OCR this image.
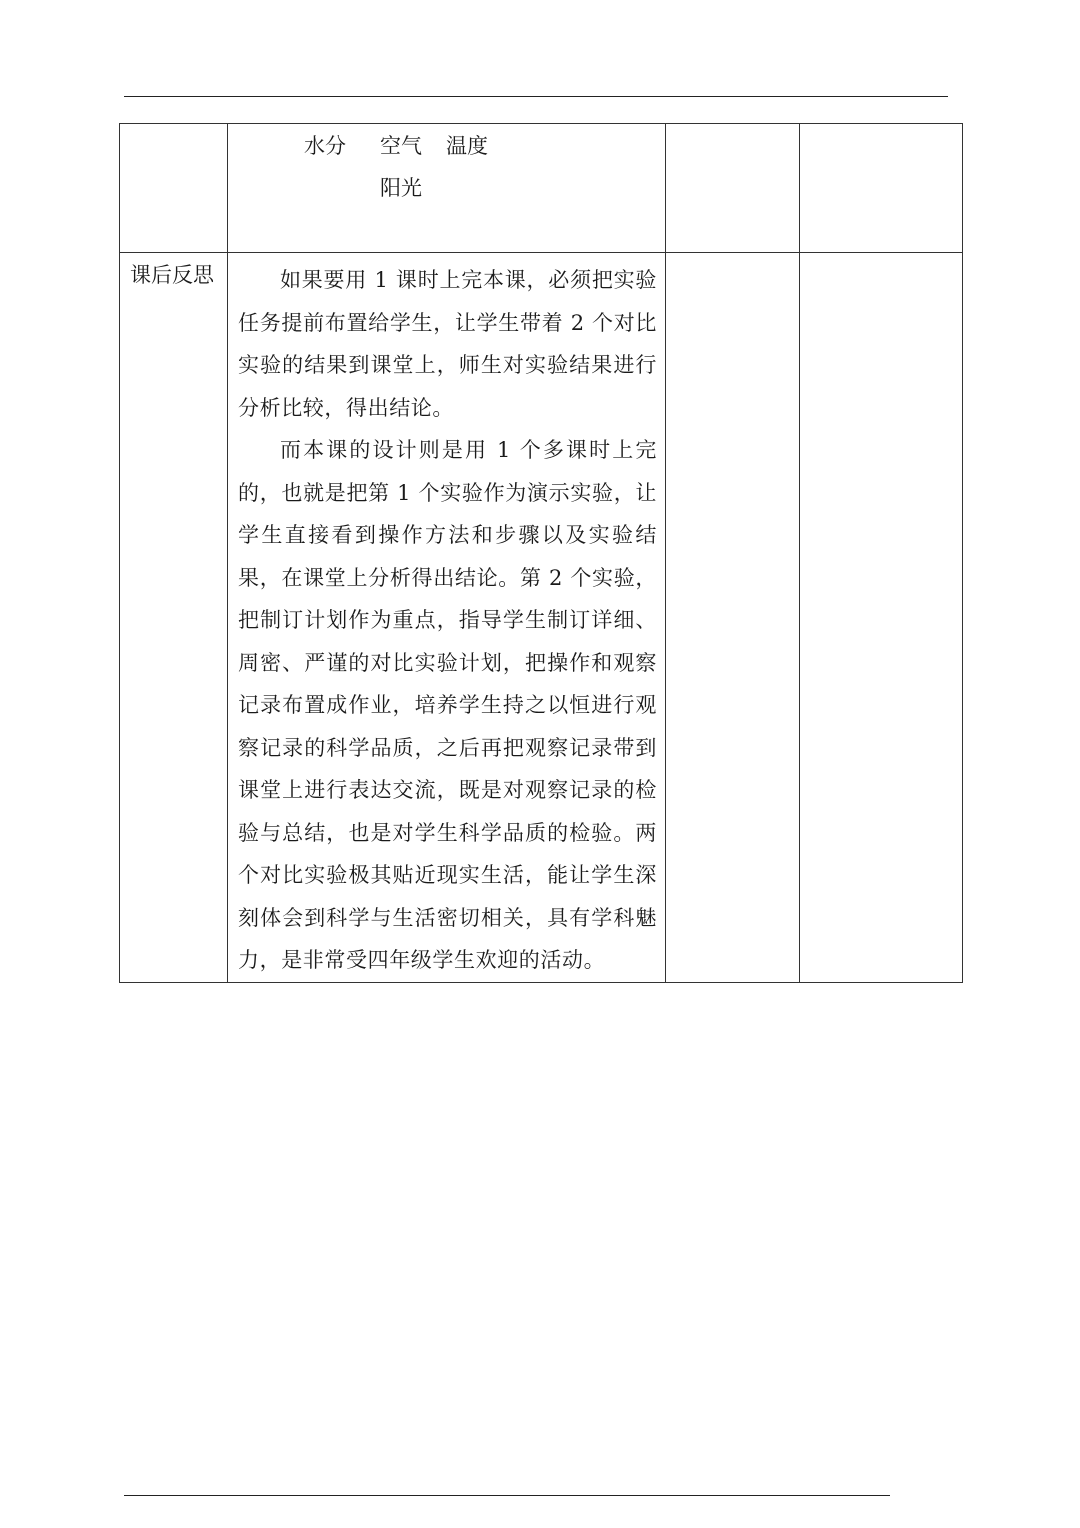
	水分 空气 温度
阳光		

课后反思	如果要用 1 课时上完本课，必须把实验任务提前布置给学生，让学生带着 2 个对比实验的结果到课堂上，师生对实验结果进行分析比较，得出结论。

而本课的设计则是用 1 个多课时上完的，也就是把第 1 个实验作为演示实验，让学生直接看到操作方法和步骤以及实验结果，在课堂上分析得出结论。第 2 个实验，把制订计划作为重点，指导学生制订详细、周密、严谨的对比实验计划，把操作和观察记录布置成作业，培养学生持之以恒进行观察记录的科学品质，之后再把观察记录带到课堂上进行表达交流，既是对观察记录的检验与总结，也是对学生科学品质的检验。两个对比实验极其贴近现实生活，能让学生深刻体会到科学与生活密切相关，具有学科魅力，是非常受四年级学生欢迎的活动。		
